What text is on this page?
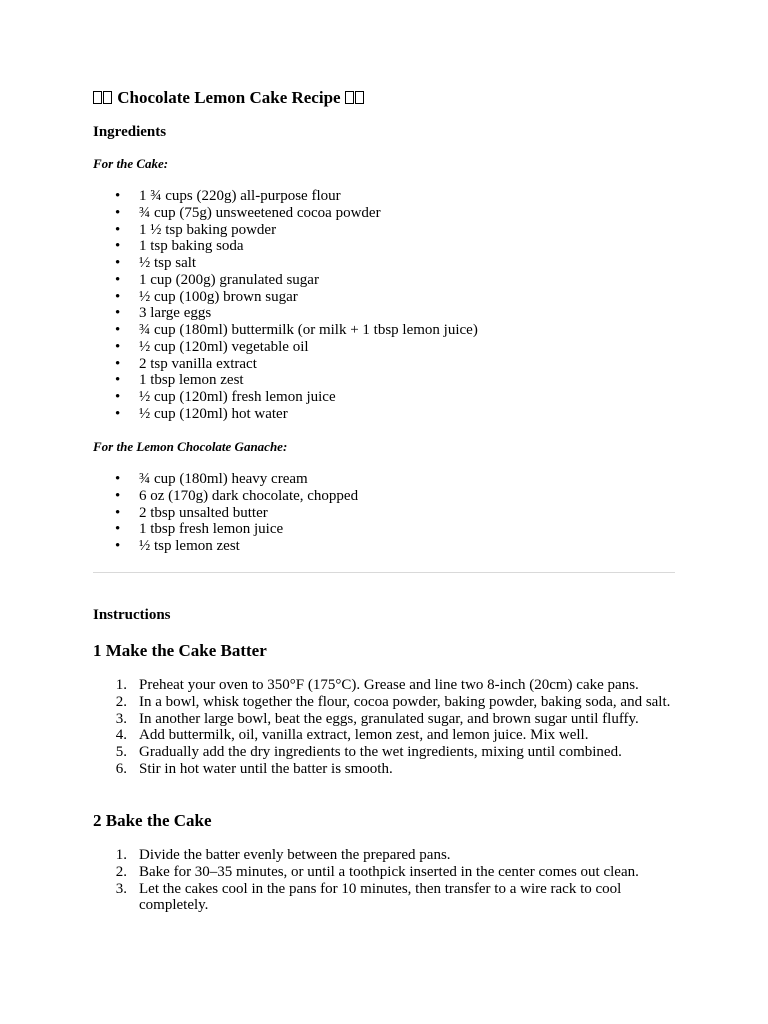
Chocolate Lemon Cake Recipe
Ingredients
For the Cake:
• 1 ¾ cups (220g) all-purpose flour
• ¾ cup (75g) unsweetened cocoa powder
• 1 ½ tsp baking powder
• 1 tsp baking soda
• ½ tsp salt
• 1 cup (200g) granulated sugar
• ½ cup (100g) brown sugar
• 3 large eggs
• ¾ cup (180ml) buttermilk (or milk + 1 tbsp lemon juice)
• ½ cup (120ml) vegetable oil
• 2 tsp vanilla extract
• 1 tbsp lemon zest
• ½ cup (120ml) fresh lemon juice
• ½ cup (120ml) hot water
For the Lemon Chocolate Ganache:
• ¾ cup (180ml) heavy cream
• 6 oz (170g) dark chocolate, chopped
• 2 tbsp unsalted butter
• 1 tbsp fresh lemon juice
• ½ tsp lemon zest
Instructions
1 Make the Cake Batter
1. Preheat your oven to 350°F (175°C). Grease and line two 8-inch (20cm) cake pans.
2. In a bowl, whisk together the flour, cocoa powder, baking powder, baking soda, and salt.
3. In another large bowl, beat the eggs, granulated sugar, and brown sugar until fluffy.
4. Add buttermilk, oil, vanilla extract, lemon zest, and lemon juice. Mix well.
5. Gradually add the dry ingredients to the wet ingredients, mixing until combined.
6. Stir in hot water until the batter is smooth.
2 Bake the Cake
1. Divide the batter evenly between the prepared pans.
2. Bake for 30–35 minutes, or until a toothpick inserted in the center comes out clean.
3. Let the cakes cool in the pans for 10 minutes, then transfer to a wire rack to cool completely.
